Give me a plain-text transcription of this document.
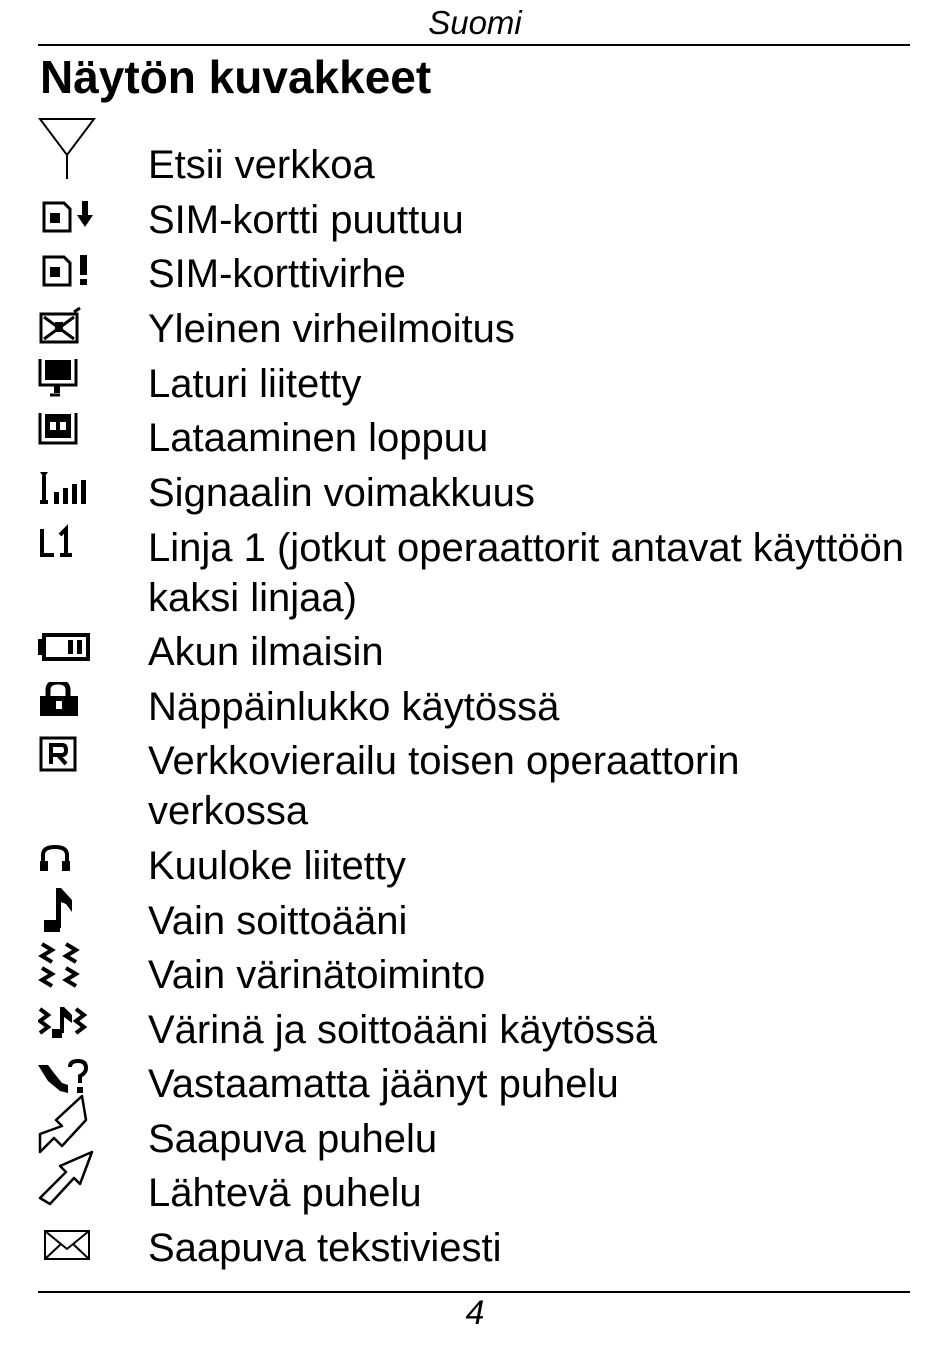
Suomi
Näytön kuvakkeet
Etsii verkkoa
SIM-kortti puuttuu
SIM-korttivirhe
Yleinen virheilmoitus
Laturi liitetty
Lataaminen loppuu
Signaalin voimakkuus
Linja 1 (jotkut operaattorit antavat käyttöön kaksi linjaa)
Akun ilmaisin
Näppäinlukko käytössä
Verkkovierailu toisen operaattorin verkossa
Kuuloke liitetty
Vain soittoääni
Vain värinätoiminto
Värinä ja soittoääni käytössä
Vastaamatta jäänyt puhelu
Saapuva puhelu
Lähtevä puhelu
Saapuva tekstiviesti
4
